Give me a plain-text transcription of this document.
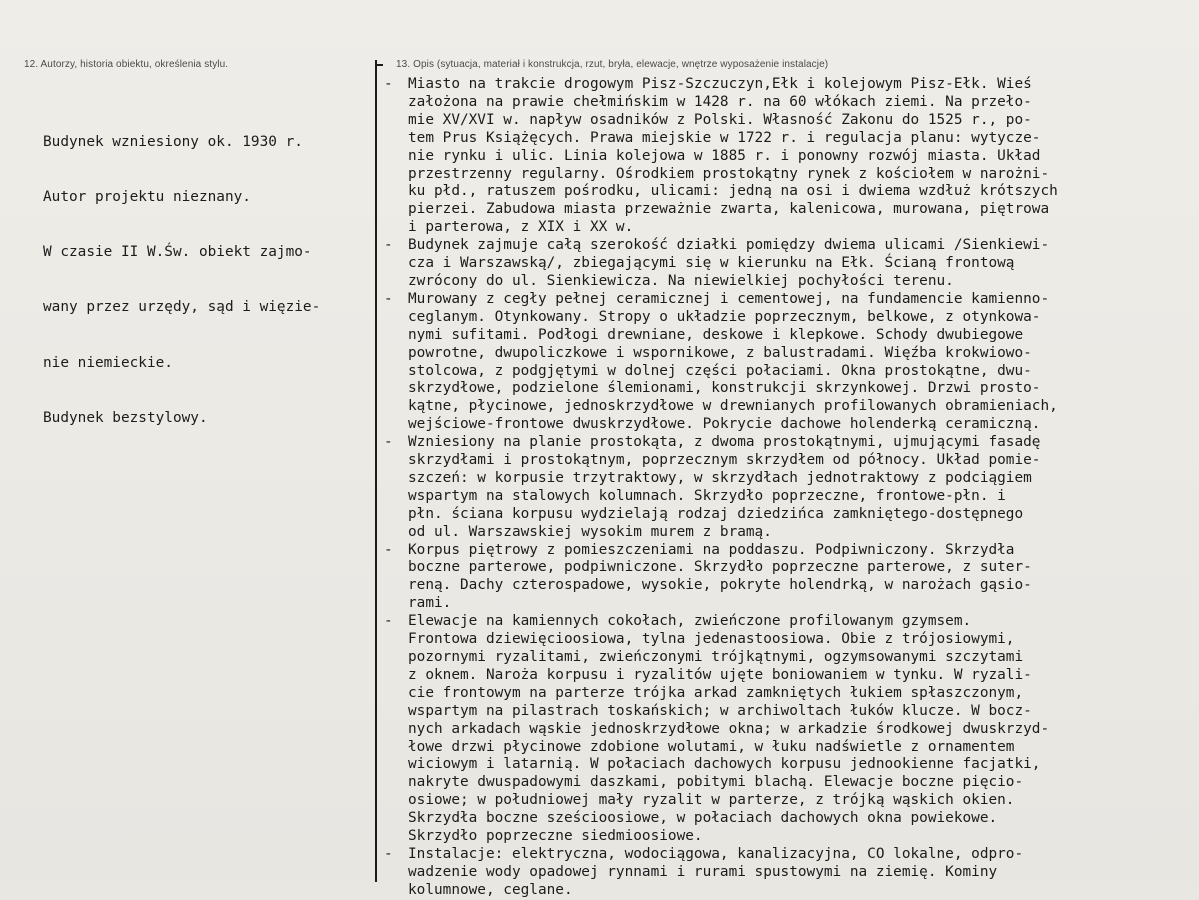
12. Autorzy, historia obiektu, określenia stylu.	13. Opis (sytuacja, materiał i konstrukcja, rzut, bryła, elewacje, wnętrze wyposażenie instalacje)

Budynek wzniesiony ok. 1930 r.

Autor projektu nieznany.

W czasie II W.Św. obiekt zajmo-

wany przez urzędy, sąd i więzie-

nie niemieckie.

Budynek bezstylowy.

- Miasto na trakcie drogowym Pisz-Szczuczyn,Ełk i kolejowym Pisz-Ełk. Wieś
założona na prawie chełmińskim w 1428 r. na 60 włókach ziemi. Na przeło-
mie XV/XVI w. napływ osadników z Polski. Własność Zakonu do 1525 r., po-
tem Prus Książęcych. Prawa miejskie w 1722 r. i regulacja planu: wytycze-
nie rynku i ulic. Linia kolejowa w 1885 r. i ponowny rozwój miasta. Układ
przestrzenny regularny. Ośrodkiem prostokątny rynek z kościołem w narożni-
ku płd., ratuszem pośrodku, ulicami: jedną na osi i dwiema wzdłuż krótszych
pierzei. Zabudowa miasta przeważnie zwarta, kalenicowa, murowana, piętrowa
i parterowa, z XIX i XX w.
- Budynek zajmuje całą szerokość działki pomiędzy dwiema ulicami /Sienkiewi-
cza i Warszawską/, zbiegającymi się w kierunku na Ełk. Ścianą frontową
zwrócony do ul. Sienkiewicza. Na niewielkiej pochyłości terenu.
- Murowany z cegły pełnej ceramicznej i cementowej, na fundamencie kamienno-
ceglanym. Otynkowany. Stropy o układzie poprzecznym, belkowe, z otynkowa-
nymi sufitami. Podłogi drewniane, deskowe i klepkowe. Schody dwubiegowe
powrotne, dwupoliczkowe i wspornikowe, z balustradami. Więźba krokwiowo-
stolcowa, z podgjętymi w dolnej części połaciami. Okna prostokątne, dwu-
skrzydłowe, podzielone ślemionami, konstrukcji skrzynkowej. Drzwi prosto-
kątne, płycinowe, jednoskrzydłowe w drewnianych profilowanych obramieniach,
wejściowe-frontowe dwuskrzydłowe. Pokrycie dachowe holenderką ceramiczną.
- Wzniesiony na planie prostokąta, z dwoma prostokątnymi, ujmującymi fasadę
skrzydłami i prostokątnym, poprzecznym skrzydłem od północy. Układ pomie-
szczeń: w korpusie trzytraktowy, w skrzydłach jednotraktowy z podciągiem
wspartym na stalowych kolumnach. Skrzydło poprzeczne, frontowe-płn. i
płn. ściana korpusu wydzielają rodzaj dziedzińca zamkniętego-dostępnego
od ul. Warszawskiej wysokim murem z bramą.
- Korpus piętrowy z pomieszczeniami na poddaszu. Podpiwniczony. Skrzydła
boczne parterowe, podpiwniczone. Skrzydło poprzeczne parterowe, z suter-
reną. Dachy czterospadowe, wysokie, pokryte holendrką, w narożach gąsio-
rami.
- Elewacje na kamiennych cokołach, zwieńczone profilowanym gzymsem.
Frontowa dziewięcioosiowa, tylna jedenastoosiowa. Obie z trójosiowymi,
pozornymi ryzalitami, zwieńczonymi trójkątnymi, ogzymsowanymi szczytami
z oknem. Naroża korpusu i ryzalitów ujęte boniowaniem w tynku. W ryzali-
cie frontowym na parterze trójka arkad zamkniętych łukiem spłaszczonym,
wspartym na pilastrach toskańskich; w archiwoltach łuków klucze. W bocz-
nych arkadach wąskie jednoskrzydłowe okna; w arkadzie środkowej dwuskrzyd-
łowe drzwi płycinowe zdobione wolutami, w łuku nadświetle z ornamentem
wiciowym i latarnią. W połaciach dachowych korpusu jednookienne facjatki,
nakryte dwuspadowymi daszkami, pobitymi blachą. Elewacje boczne pięcio-
osiowe; w południowej mały ryzalit w parterze, z trójką wąskich okien.
Skrzydła boczne sześcioosiowe, w połaciach dachowych okna powiekowe.
Skrzydło poprzeczne siedmioosiowe.
- Instalacje: elektryczna, wodociągowa, kanalizacyjna, CO lokalne, odpro-
wadzenie wody opadowej rynnami i rurami spustowymi na ziemię. Kominy
kolumnowe, ceglane.
